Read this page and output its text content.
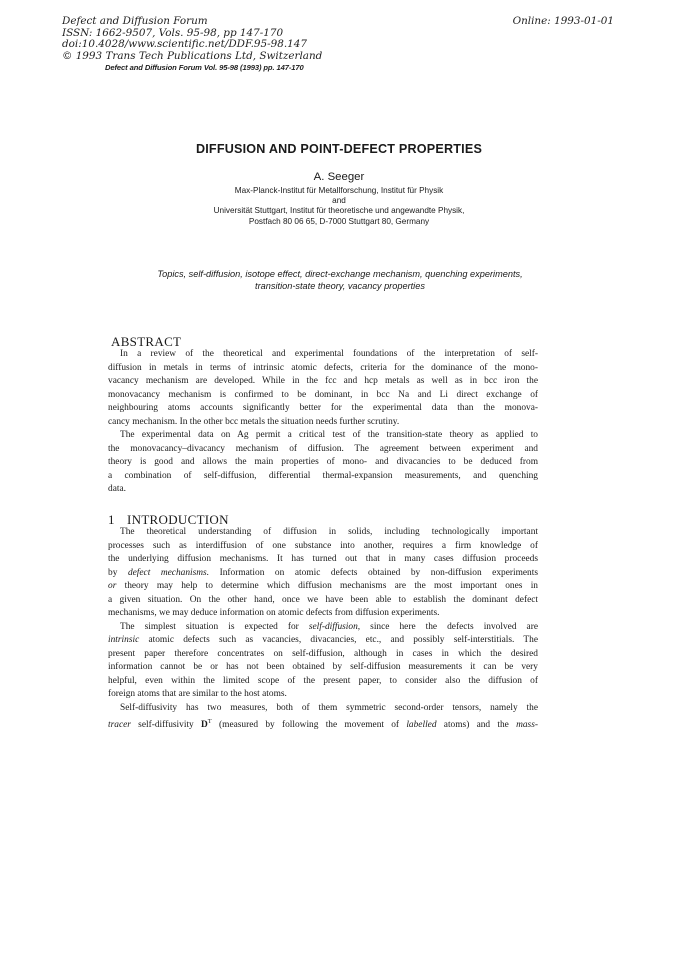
Defect and Diffusion Forum
ISSN: 1662-9507, Vols. 95-98, pp 147-170
doi:10.4028/www.scientific.net/DDF.95-98.147
© 1993 Trans Tech Publications Ltd, Switzerland
Online: 1993-01-01
Defect and Diffusion Forum Vol. 95-98 (1993) pp. 147-170
DIFFUSION AND POINT-DEFECT PROPERTIES
A. Seeger
Max-Planck-Institut für Metallforschung, Institut für Physik
and
Universität Stuttgart, Institut für theoretische und angewandte Physik,
Postfach 80 06 65, D-7000 Stuttgart 80, Germany
Topics, self-diffusion, isotope effect, direct-exchange mechanism, quenching experiments,
transition-state theory, vacancy properties
ABSTRACT
In a review of the theoretical and experimental foundations of the interpretation of self-
diffusion in metals in terms of intrinsic atomic defects, criteria for the dominance of the mono-
vacancy mechanism are developed. While in the fcc and hcp metals as well as in bcc iron the
monovacancy mechanism is confirmed to be dominant, in bcc Na and Li direct exchange of
neighbouring atoms accounts significantly better for the experimental data than the monova-
cancy mechanism. In the other bcc metals the situation needs further scrutiny.
The experimental data on Ag permit a critical test of the transition-state theory as applied to
the monovacancy–divacancy mechanism of diffusion. The agreement between experiment and
theory is good and allows the main properties of mono- and divacancies to be deduced from
a combination of self-diffusion, differential thermal-expansion measurements, and quenching
data.
1 INTRODUCTION
The theoretical understanding of diffusion in solids, including technologically important
processes such as interdiffusion of one substance into another, requires a firm knowledge of
the underlying diffusion mechanisms. It has turned out that in many cases diffusion proceeds
by defect mechanisms. Information on atomic defects obtained by non-diffusion experiments
or theory may help to determine which diffusion mechanisms are the most important ones in
a given situation. On the other hand, once we have been able to establish the dominant defect
mechanisms, we may deduce information on atomic defects from diffusion experiments.
The simplest situation is expected for self-diffusion, since here the defects involved are
intrinsic atomic defects such as vacancies, divacancies, etc., and possibly self-interstitials. The
present paper therefore concentrates on self-diffusion, although in cases in which the desired
information cannot be or has not been obtained by self-diffusion measurements it can be very
helpful, even within the limited scope of the present paper, to consider also the diffusion of
foreign atoms that are similar to the host atoms.
Self-diffusivity has two measures, both of them symmetric second-order tensors, namely the
tracer self-diffusivity $D^T$ (measured by following the movement of labelled atoms) and the mass-
